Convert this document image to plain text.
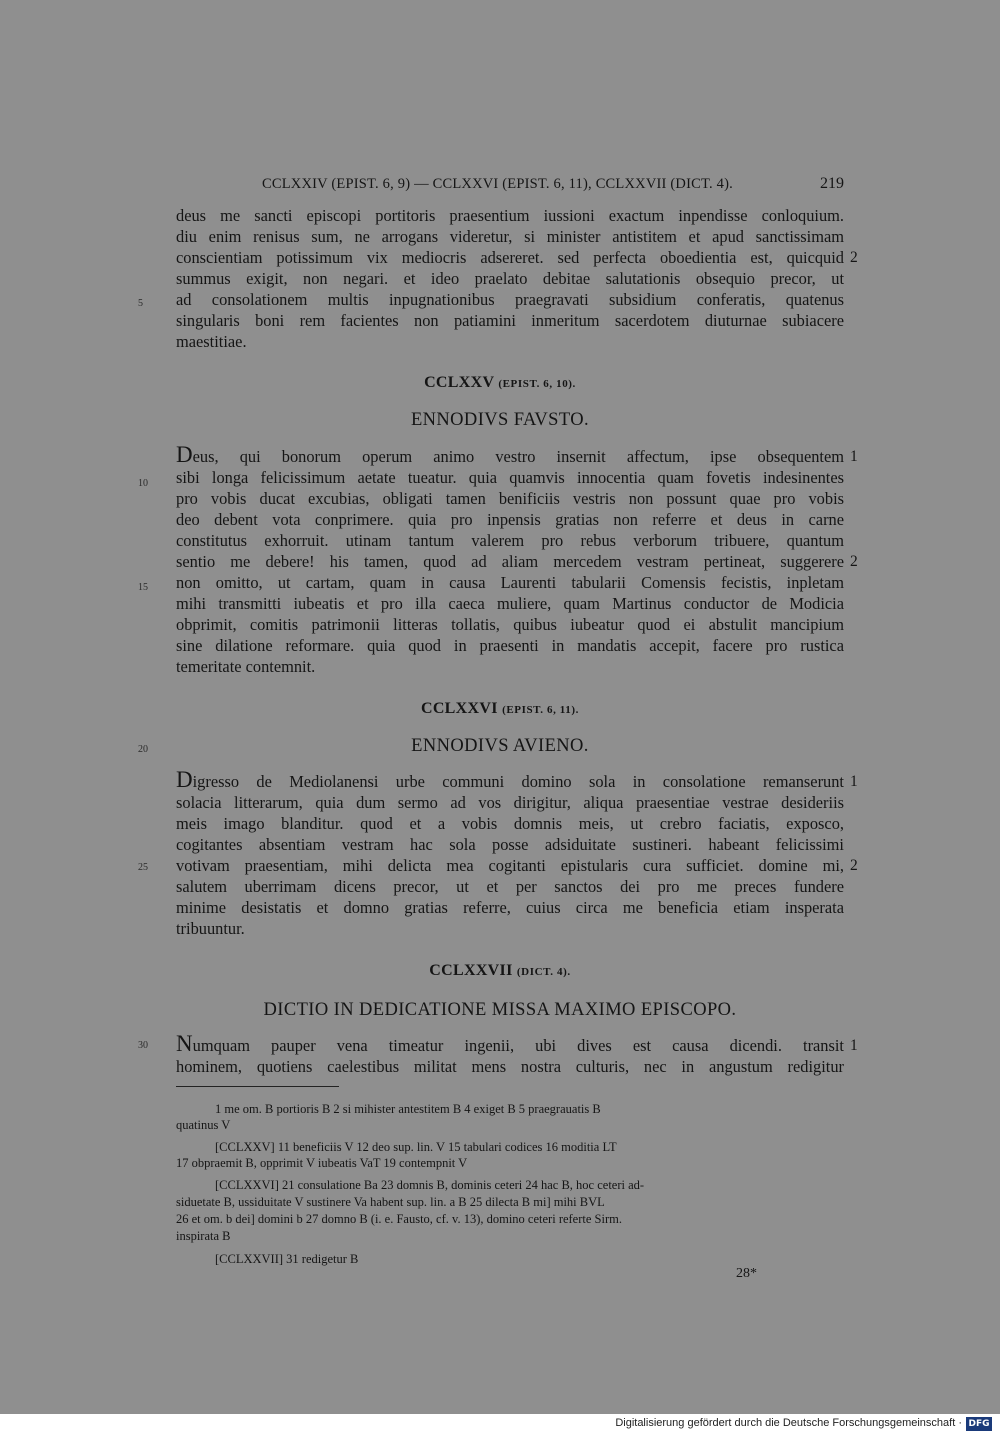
CCLXXIV (EPIST. 6, 9) — CCLXXVI (EPIST. 6, 11), CCLXXVII (DICT. 4).	219
5
10
15
20
25
30
deus me sancti episcopi portitoris praesentium iussioni exactum inpendisse conloquium.
diu enim renisus sum, ne arrogans videretur, si minister antistitem et apud sanctissimam
conscientiam potissimum vix mediocris adsereret. sed perfecta oboedientia est, quicquid 2
summus exigit, non negari. et ideo praelato debitae salutationis obsequio precor, ut
ad consolationem multis inpugnationibus praegravati subsidium conferatis, quatenus
singularis boni rem facientes non patiamini inmeritum sacerdotem diuturnae subiacere
maestitiae.
CCLXXV (EPIST. 6, 10).
ENNODIVS FAVSTO.
Deus, qui bonorum operum animo vestro insernit affectum, ipse obsequentem 1
sibi longa felicissimum aetate tueatur. quia quamvis innocentia quam fovetis indesinentes
pro vobis ducat excubias, obligati tamen benificiis vestris non possunt quae pro vobis
deo debent vota conprimere. quia pro inpensis gratias non referre et deus in carne
constitutus exhorruit. utinam tantum valerem pro rebus verborum tribuere, quantum
sentio me debere! his tamen, quod ad aliam mercedem vestram pertineat, suggerere 2
non omitto, ut cartam, quam in causa Laurenti tabularii Comensis fecistis, inpletam
mihi transmitti iubeatis et pro illa caeca muliere, quam Martinus conductor de Modicia
obprimit, comitis patrimonii litteras tollatis, quibus iubeatur quod ei abstulit mancipium
sine dilatione reformare. quia quod in praesenti in mandatis accepit, facere pro rustica
temeritate contemnit.
CCLXXVI (EPIST. 6, 11).
ENNODIVS AVIENO.
Digresso de Mediolanensi urbe communi domino sola in consolatione remanserunt 1
solacia litterarum, quia dum sermo ad vos dirigitur, aliqua praesentiae vestrae desideriis
meis imago blanditur. quod et a vobis domnis meis, ut crebro faciatis, exposco,
cogitantes absentiam vestram hac sola posse adsiduitate sustineri. habeant felicissimi
votivam praesentiam, mihi delicta mea cogitanti epistularis cura sufficiet. domine mi, 2
salutem uberrimam dicens precor, ut et per sanctos dei pro me preces fundere
minime desistatis et domno gratias referre, cuius circa me beneficia etiam insperata
tribuuntur.
CCLXXVII (DICT. 4).
DICTIO IN DEDICATIONE MISSA MAXIMO EPISCOPO.
Numquam pauper vena timeatur ingenii, ubi dives est causa dicendi. transit 1
hominem, quotiens caelestibus militat mens nostra culturis, nec in angustum redigitur
1 me om. B portioris B 2 si mihister antestitem B 4 exiget B 5 praegrauatis B
quatinus V
[CCLXXV] 11 beneficiis V 12 deo sup. lin. V 15 tabulari codices 16 moditia LT
17 obpraemit B, opprimit V iubeatis VaT 19 contempnit V
[CCLXXVI] 21 consulatione Ba 23 domnis B, dominis ceteri 24 hac B, hoc ceteri ad-
siduetate B, ussiduitate V sustinere Va habent sup. lin. a B 25 dilecta B mi] mihi BVL
26 et om. b dei] domini b 27 domno B (i. e. Fausto, cf. v. 13), domino ceteri referte Sirm.
inspirata B
[CCLXXVII] 31 redigetur B
28*
Digitalisierung gefördert durch die Deutsche Forschungsgemeinschaft · DFG
